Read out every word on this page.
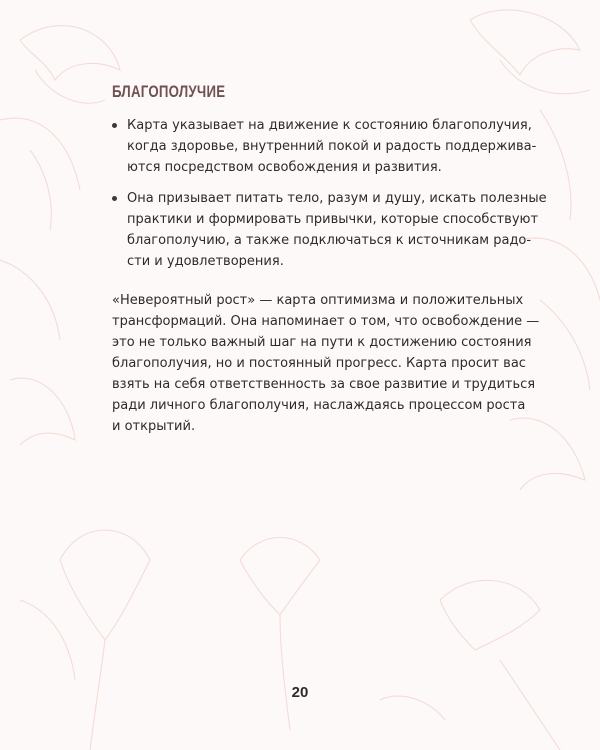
БЛАГОПОЛУЧИЕ
Карта указывает на движение к состоянию благополучия,
когда здоровье, внутренний покой и радость поддержива-
ются посредством освобождения и развития.
Она призывает питать тело, разум и душу, искать полезные
практики и формировать привычки, которые способствуют
благополучию, а также подключаться к источникам радо-
сти и удовлетворения.

«Невероятный рост» — карта оптимизма и положительных
трансформаций. Она напоминает о том, что освобождение —
это не только важный шаг на пути к достижению состояния
благополучия, но и постоянный прогресс. Карта просит вас
взять на себя ответственность за свое развитие и трудиться
ради личного благополучия, наслаждаясь процессом роста
и открытий.

20
